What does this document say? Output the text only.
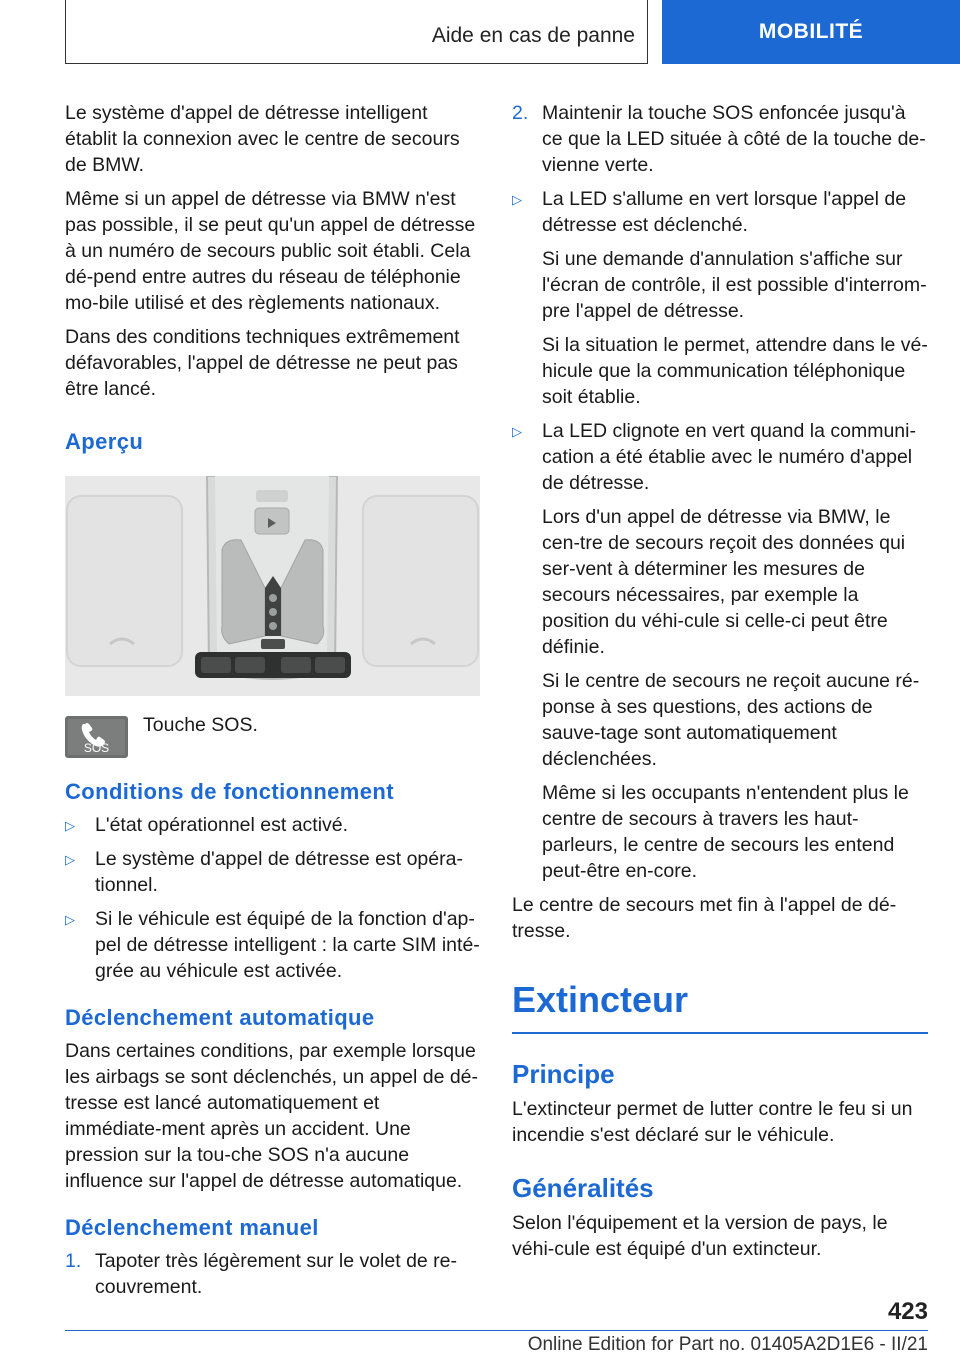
Aide en cas de panne	MOBILITÉ

Le système d'appel de détresse intelligent établit la connexion avec le centre de secours de BMW.

Même si un appel de détresse via BMW n'est pas possible, il se peut qu'un appel de détresse à un numéro de secours public soit établi. Cela dé-pend entre autres du réseau de téléphonie mo-bile utilisé et des règlements nationaux.

Dans des conditions techniques extrêmement défavorables, l'appel de détresse ne peut pas être lancé.

Aperçu
SOS
Touche SOS.
Conditions de fonctionnement
▷ L'état opérationnel est activé.
▷ Le système d'appel de détresse est opéra-tionnel.
▷ Si le véhicule est équipé de la fonction d'ap-pel de détresse intelligent : la carte SIM inté-grée au véhicule est activée.
Déclenchement automatique

Dans certaines conditions, par exemple lorsque les airbags se sont déclenchés, un appel de dé-tresse est lancé automatiquement et immédiate-ment après un accident. Une pression sur la tou-che SOS n'a aucune influence sur l'appel de détresse automatique.

Déclenchement manuel
1. Tapoter très légèrement sur le volet de re-couvrement.
2. Maintenir la touche SOS enfoncée jusqu'à ce que la LED située à côté de la touche de-vienne verte.
▷ La LED s'allume en vert lorsque l'appel de détresse est déclenché.

Si une demande d'annulation s'affiche sur l'écran de contrôle, il est possible d'interrom-pre l'appel de détresse.

Si la situation le permet, attendre dans le vé-hicule que la communication téléphonique soit établie.

▷ La LED clignote en vert quand la communi-cation a été établie avec le numéro d'appel de détresse.

Lors d'un appel de détresse via BMW, le cen-tre de secours reçoit des données qui ser-vent à déterminer les mesures de secours nécessaires, par exemple la position du véhi-cule si celle-ci peut être définie.

Si le centre de secours ne reçoit aucune ré-ponse à ses questions, des actions de sauve-tage sont automatiquement déclenchées.

Même si les occupants n'entendent plus le centre de secours à travers les haut-parleurs, le centre de secours les entend peut-être en-core.

Le centre de secours met fin à l'appel de dé-tresse.

Extincteur
Principe

L'extincteur permet de lutter contre le feu si un incendie s'est déclaré sur le véhicule.

Généralités

Selon l'équipement et la version de pays, le véhi-cule est équipé d'un extincteur.

423
Online Edition for Part no. 01405A2D1E6 - II/21
